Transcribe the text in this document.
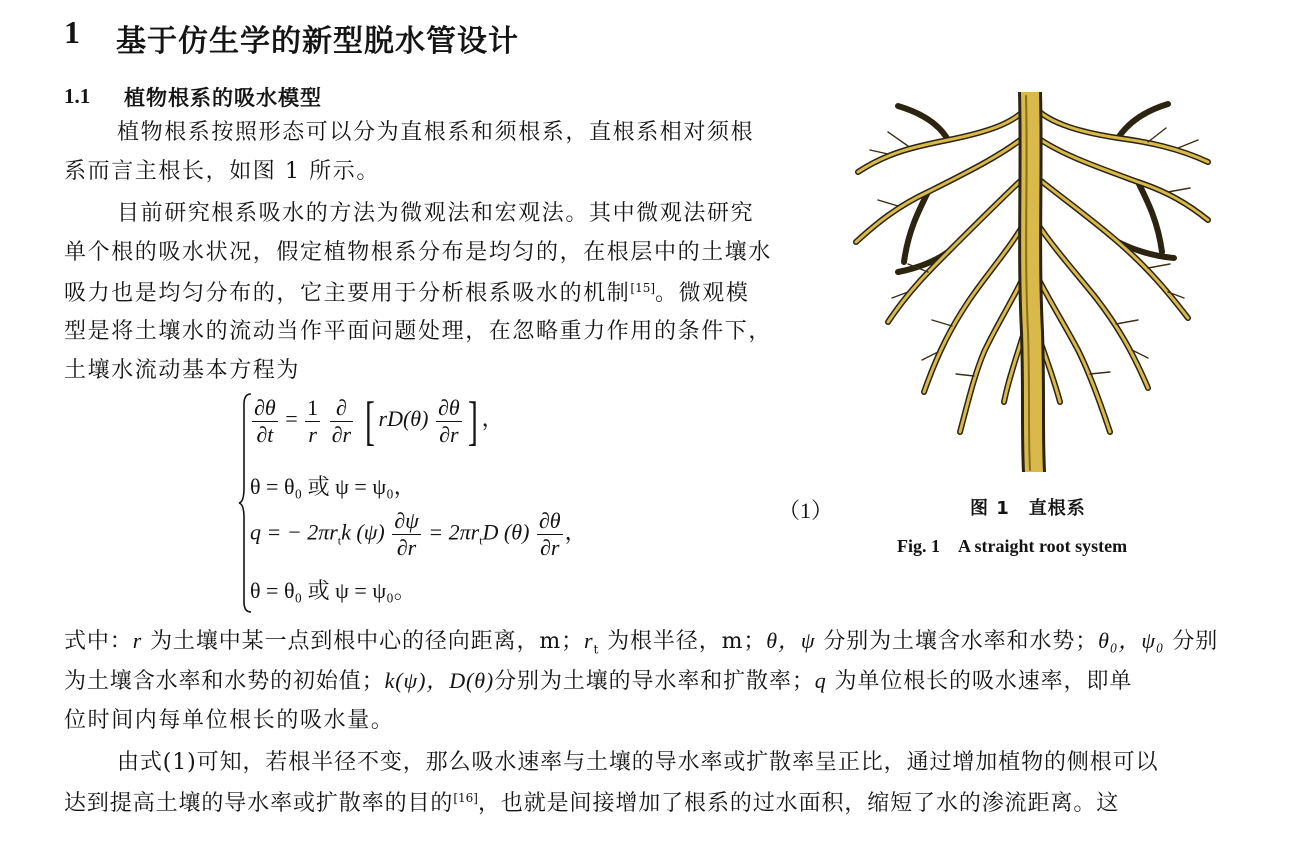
1 基于仿生学的新型脱水管设计
1.1 植物根系的吸水模型
植物根系按照形态可以分为直根系和须根系，直根系相对须根
系而言主根长，如图 1 所示。
目前研究根系吸水的方法为微观法和宏观法。其中微观法研究
单个根的吸水状况，假定植物根系分布是均匀的，在根层中的土壤水
吸力也是均匀分布的，它主要用于分析根系吸水的机制[15]。微观模
型是将土壤水的流动当作平面问题处理，在忽略重力作用的条件下，
土壤水流动基本方程为
$\frac{\partial\theta}{\partial t} = \frac{1}{r}$
$\frac{\partial}{\partial r}$ [ $rD(\theta) \frac{\partial\theta}{\partial r}$ ] ，
θ = θ₀ 或 ψ = ψ₀，
q = − $2\pi r_tk$ $(\psi) \frac{\partial\psi}{\partial r} = 2\pi r_tD$ $(\theta) \frac{\partial\theta}{\partial r}$ ，
θ = θ₀ 或 ψ = ψ₀。
（1）	图 1　直根系
Fig. 1　A straight root system
式中：r 为土壤中某一点到根中心的径向距离，m；$r_t$ 为根半径，m；θ，ψ 分别为土壤含水率和水势；θ₀，ψ₀ 分别
为土壤含水率和水势的初始值；k(ψ)，D(θ)分别为土壤的导水率和扩散率；q 为单位根长的吸水速率，即单
位时间内每单位根长的吸水量。
由式(1)可知，若根半径不变，那么吸水速率与土壤的导水率或扩散率呈正比，通过增加植物的侧根可以
达到提高土壤的导水率或扩散率的目的[16]，也就是间接增加了根系的过水面积，缩短了水的渗流距离。这
